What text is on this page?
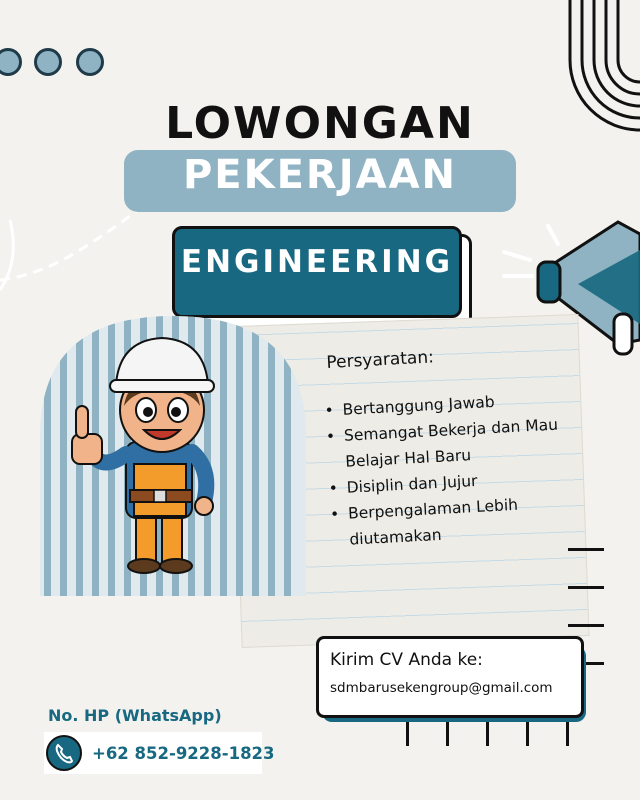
LOWONGAN
PEKERJAAN
ENGINEERING
Persyaratan:
• Bertanggung Jawab
• Semangat Bekerja dan Mau Belajar Hal Baru
• Disiplin dan Jujur
• Berpengalaman Lebih diutamakan
Kirim CV Anda ke:
sdmbarusekengroup@gmail.com
No. HP (WhatsApp)
+62 852-9228-1823
